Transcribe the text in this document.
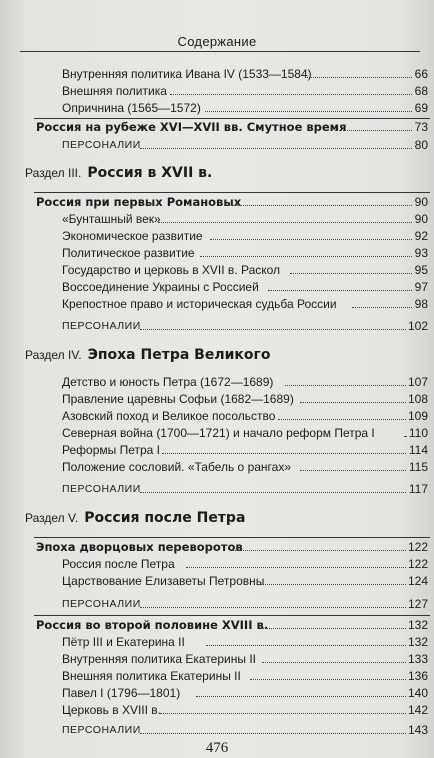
Содержание
Внутренняя политика Ивана IV (1533—1584)	66
Внешняя политика	68
Опричнина (1565—1572)	69
Россия на рубеже XVI—XVII вв. Смутное время	73
ПЕРСОНАЛИИ	80
Раздел III. Россия в XVII в.
Россия при первых Романовых	90
«Бунташный век»	90
Экономическое развитие	92
Политическое развитие	93
Государство и церковь в XVII в. Раскол	95
Воссоединение Украины с Россией	97
Крепостное право и историческая судьба России	98
ПЕРСОНАЛИИ	102
Раздел IV. Эпоха Петра Великого
Детство и юность Петра (1672—1689)	107
Правление царевны Софьи (1682—1689)	108
Азовский поход и Великое посольство	109
Северная война (1700—1721) и начало реформ Петра I	110
Реформы Петра I	114
Положение сословий. «Табель о рангах»	115
ПЕРСОНАЛИИ	117
Раздел V. Россия после Петра
Эпоха дворцовых переворотов	122
Россия после Петра	122
Царствование Елизаветы Петровны	124
ПЕРСОНАЛИИ	127
Россия во второй половине XVIII в.	132
Пётр III и Екатерина II	132
Внутренняя политика Екатерины II	133
Внешняя политика Екатерины II	136
Павел I (1796—1801)	140
Церковь в XVIII в.	142
ПЕРСОНАЛИИ	143
476
